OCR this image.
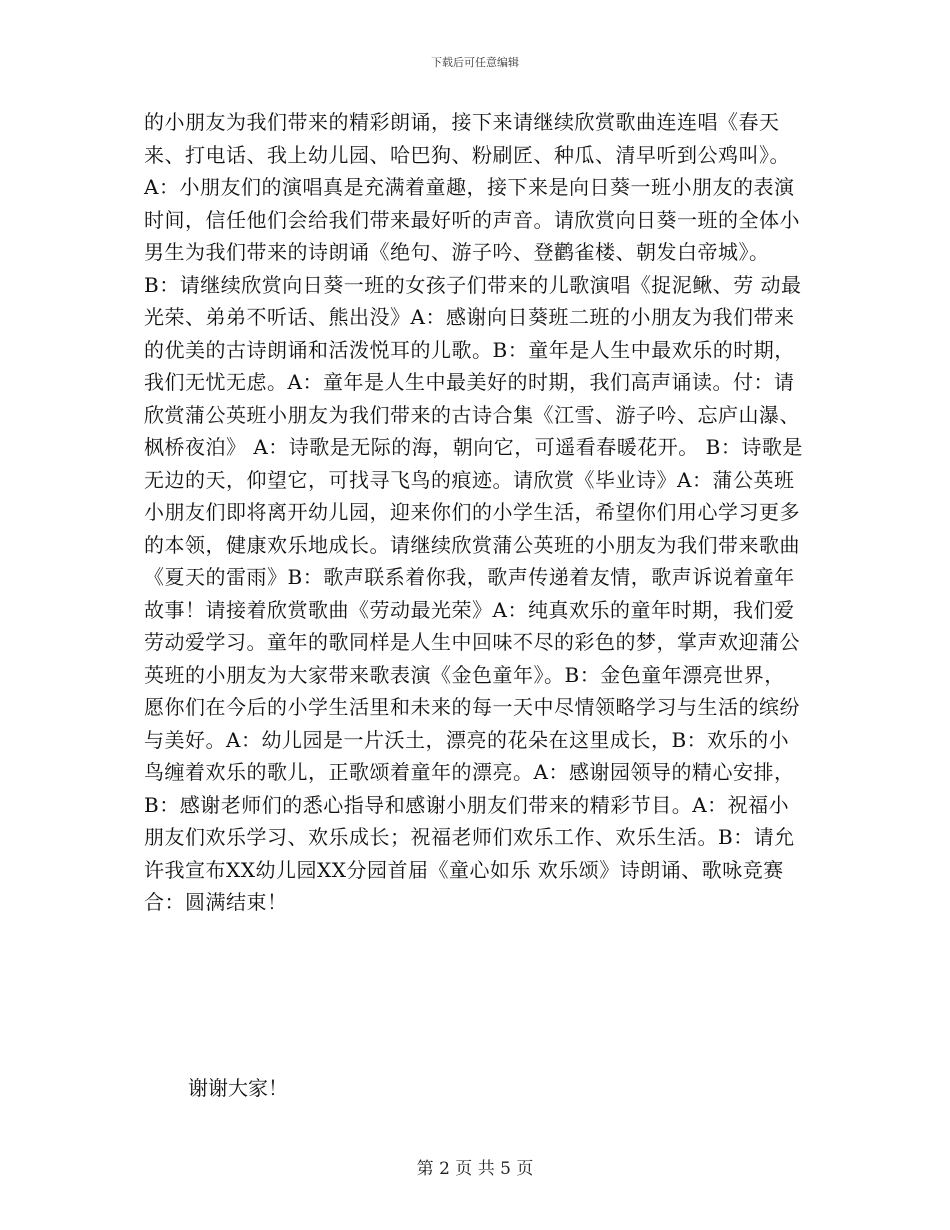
下载后可任意编辑

的小朋友为我们带来的精彩朗诵，接下来请继续欣赏歌曲连连唱《春天来、打电话、我上幼儿园、哈巴狗、粉刷匠、种瓜、清早听到公鸡叫》。A：小朋友们的演唱真是充满着童趣，接下来是向日葵一班小朋友的表演时间，信任他们会给我们带来最好听的声音。请欣赏向日葵一班的全体小男生为我们带来的诗朗诵《绝句、游子吟、登鹳雀楼、朝发白帝城》。B：请继续欣赏向日葵一班的女孩子们带来的儿歌演唱《捉泥鳅、劳 动最光荣、弟弟不听话、熊出没》A：感谢向日葵班二班的小朋友为我们带来的优美的古诗朗诵和活泼悦耳的儿歌。B：童年是人生中最欢乐的时期，我们无忧无虑。A：童年是人生中最美好的时期，我们高声诵读。付：请欣赏蒲公英班小朋友为我们带来的古诗合集《江雪、游子吟、忘庐山瀑、枫桥夜泊》 A：诗歌是无际的海，朝向它，可遥看春暖花开。 B：诗歌是无边的天，仰望它，可找寻飞鸟的痕迹。请欣赏《毕业诗》A：蒲公英班小朋友们即将离开幼儿园，迎来你们的小学生活，希望你们用心学习更多的本领，健康欢乐地成长。请继续欣赏蒲公英班的小朋友为我们带来歌曲《夏天的雷雨》B：歌声联系着你我，歌声传递着友情，歌声诉说着童年故事！请接着欣赏歌曲《劳动最光荣》A：纯真欢乐的童年时期，我们爱劳动爱学习。童年的歌同样是人生中回味不尽的彩色的梦，掌声欢迎蒲公英班的小朋友为大家带来歌表演《金色童年》。B：金色童年漂亮世界，愿你们在今后的小学生活里和未来的每一天中尽情领略学习与生活的缤纷与美好。A：幼儿园是一片沃土，漂亮的花朵在这里成长，B：欢乐的小鸟缠着欢乐的歌儿，正歌颂着童年的漂亮。A：感谢园领导的精心安排，B：感谢老师们的悉心指导和感谢小朋友们带来的精彩节目。A：祝福小朋友们欢乐学习、欢乐成长；祝福老师们欢乐工作、欢乐生活。B：请允许我宣布XX幼儿园XX分园首届《童心如乐 欢乐颂》诗朗诵、歌咏竞赛合：圆满结束！

谢谢大家！
第 2 页 共 5 页
